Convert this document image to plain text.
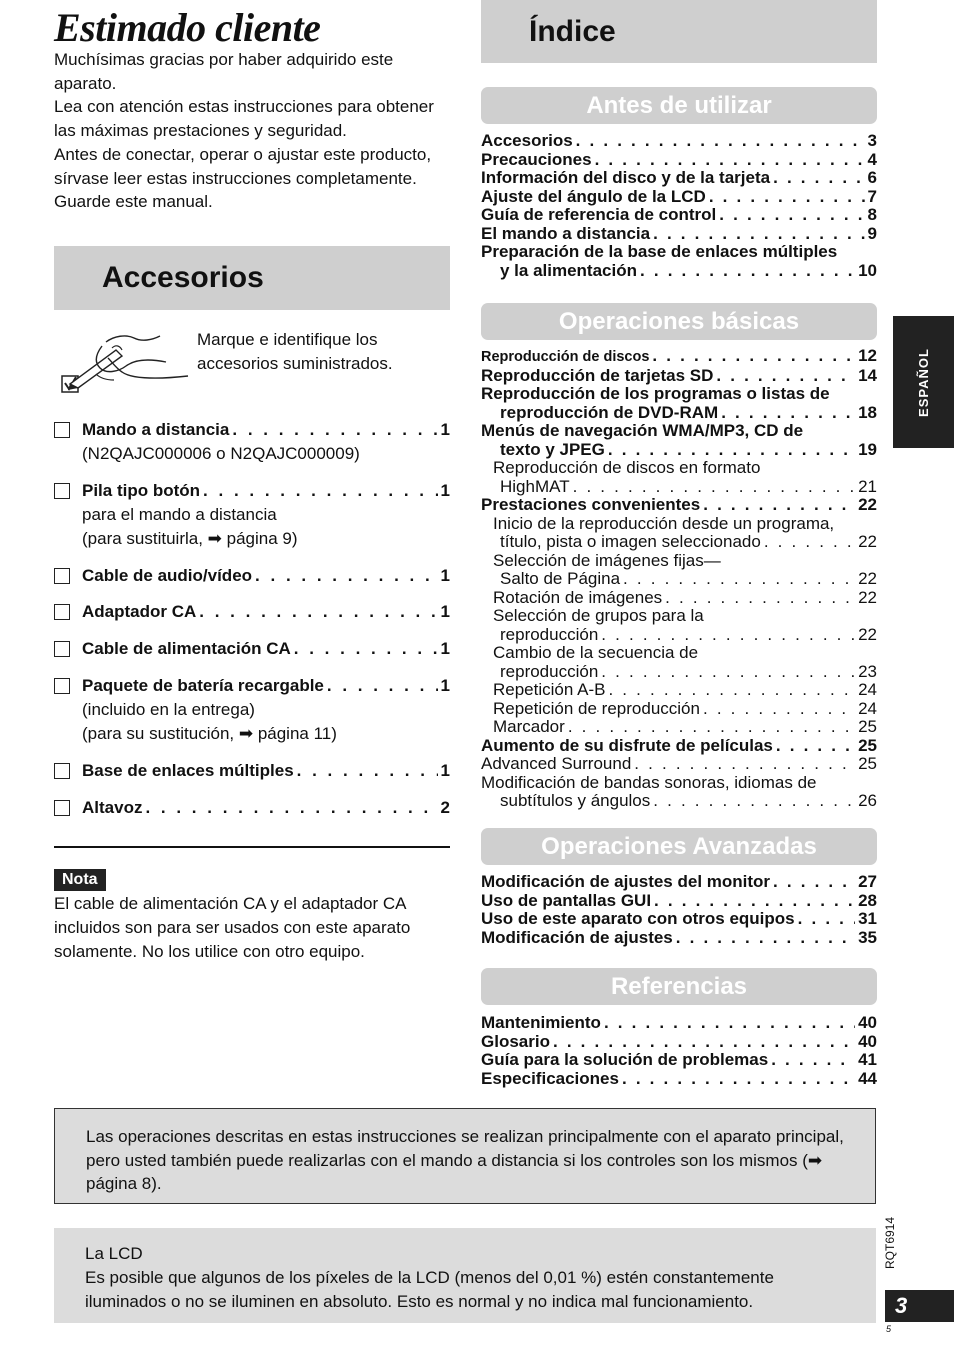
Estimado cliente

Muchísimas gracias por haber adquirido este aparato.

Lea con atención estas instrucciones para obtener las máximas prestaciones y seguridad.

Antes de conectar, operar o ajustar este producto, sírvase leer estas instrucciones completamente. Guarde este manual.

Accesorios
Marque e identifique los accesorios suministrados.
Mando a distancia . . .	1
(N2QAJC000006 o N2QAJC000009)
Pila tipo botón . . .	1
para el mando a distancia
(para sustituirla, ➡ página 9)
Cable de audio/vídeo . . .	1
Adaptador CA . . .	1
Cable de alimentación CA . . .	1
Paquete de batería recargable . . .	1
(incluido en la entrega)
(para su sustitución, ➡ página 11)
Base de enlaces múltiples . . .	1
Altavoz . . .	2
Nota
El cable de alimentación CA y el adaptador CA incluidos son para ser usados con este aparato solamente. No los utilice con otro equipo.
Índice
Antes de utilizar
Accesorios . . .	3
Precauciones . . .	4
Información del disco y de la tarjeta . . .	6
Ajuste del ángulo de la LCD . . .	7
Guía de referencia de control . . .	8
El mando a distancia . . .	9
Preparación de la base de enlaces múltiples
y la alimentación . . .	10
Operaciones básicas
Reproducción de discos . . .	12
Reproducción de tarjetas SD . . .	14
Reproducción de los programas o listas de
reproducción de DVD-RAM . . .	18
Menús de navegación WMA/MP3, CD de
texto y JPEG . . .	19
Reproducción de discos en formato
HighMAT . . .	21
Prestaciones convenientes . . .	22
Inicio de la reproducción desde un programa,
título, pista o imagen seleccionado . . .	22
Selección de imágenes fijas—
Salto de Página . . .	22
Rotación de imágenes . . .	22
Selección de grupos para la
reproducción . . .	22
Cambio de la secuencia de
reproducción . . .	23
Repetición A-B . . .	24
Repetición de reproducción . . .	24
Marcador . . .	25
Aumento de su disfrute de películas . . .	25
Advanced Surround . . .	25
Modificación de bandas sonoras, idiomas de
subtítulos y ángulos . . .	26
Operaciones Avanzadas
Modificación de ajustes del monitor . . .	27
Uso de pantallas GUI . . .	28
Uso de este aparato con otros equipos . . .	31
Modificación de ajustes . . .	35
Referencias
Mantenimiento . . .	40
Glosario . . .	40
Guía para la solución de problemas . . .	41
Especificaciones . . .	44
ESPAÑOL
Las operaciones descritas en estas instrucciones se realizan principalmente con el aparato principal, pero usted también puede realizarlas con el mando a distancia si los controles son los mismos (➡ página 8).
La LCD
Es posible que algunos de los píxeles de la LCD (menos del 0,01 %) estén constantemente iluminados o no se iluminen en absoluto. Esto es normal y no indica mal funcionamiento.
RQT6914
3
5
